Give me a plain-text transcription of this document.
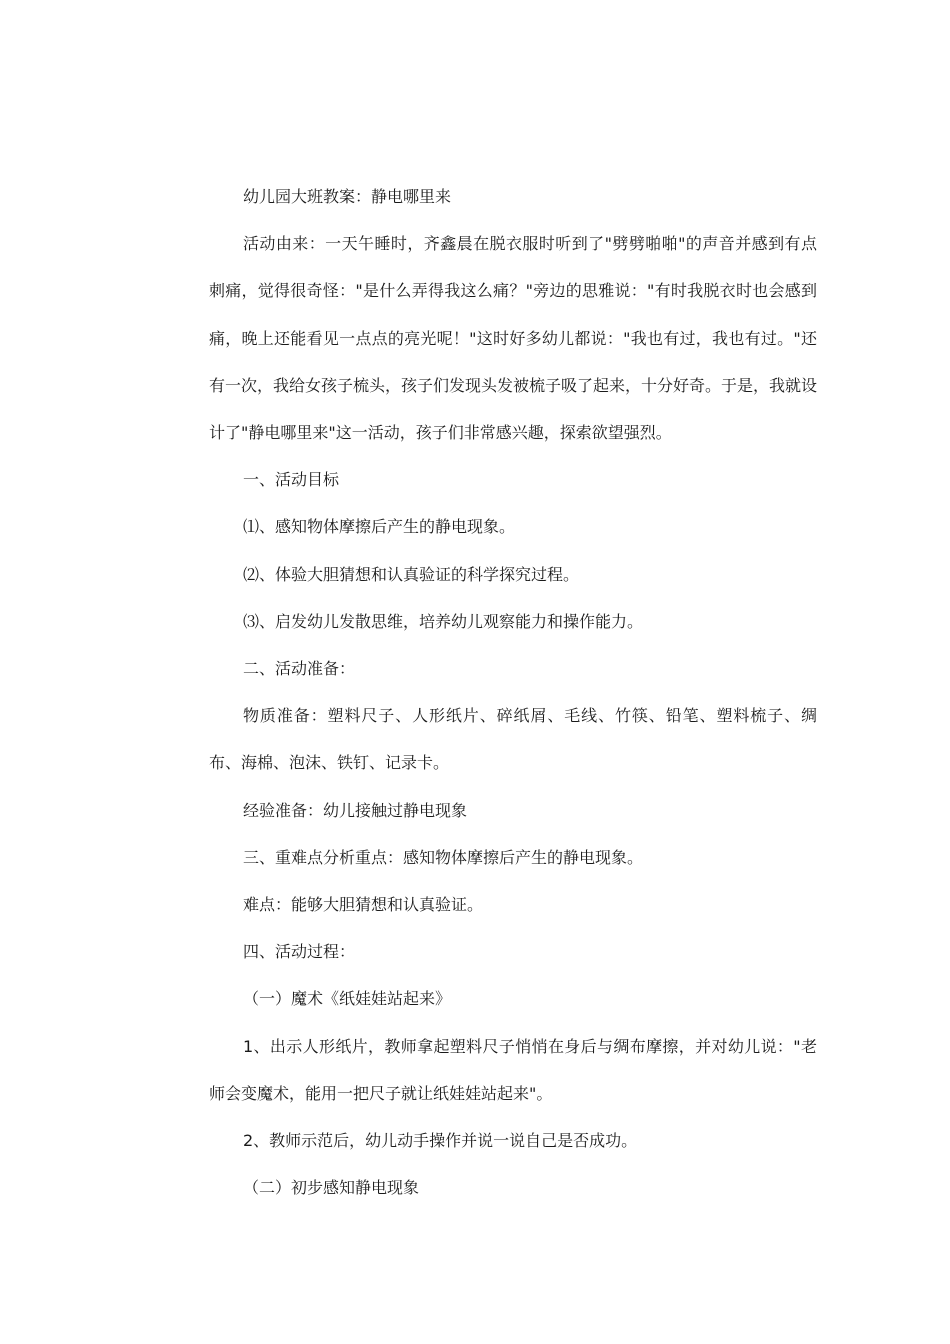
幼儿园大班教案：静电哪里来

活动由来：一天午睡时，齐鑫晨在脱衣服时听到了"劈劈啪啪"的声音并感到有点刺痛，觉得很奇怪："是什么弄得我这么痛？"旁边的思雅说："有时我脱衣时也会感到痛，晚上还能看见一点点的亮光呢！"这时好多幼儿都说："我也有过，我也有过。"还有一次，我给女孩子梳头，孩子们发现头发被梳子吸了起来，十分好奇。于是，我就设计了"静电哪里来"这一活动，孩子们非常感兴趣，探索欲望强烈。

一、活动目标

⑴、感知物体摩擦后产生的静电现象。

⑵、体验大胆猜想和认真验证的科学探究过程。

⑶、启发幼儿发散思维，培养幼儿观察能力和操作能力。

二、活动准备：

物质准备：塑料尺子、人形纸片、碎纸屑、毛线、竹筷、铅笔、塑料梳子、绸布、海棉、泡沫、铁钉、记录卡。

经验准备：幼儿接触过静电现象

三、重难点分析重点：感知物体摩擦后产生的静电现象。

难点：能够大胆猜想和认真验证。

四、活动过程：

（一）魔术《纸娃娃站起来》

1、出示人形纸片，教师拿起塑料尺子悄悄在身后与绸布摩擦，并对幼儿说："老师会变魔术，能用一把尺子就让纸娃娃站起来"。

2、教师示范后，幼儿动手操作并说一说自己是否成功。

（二）初步感知静电现象
